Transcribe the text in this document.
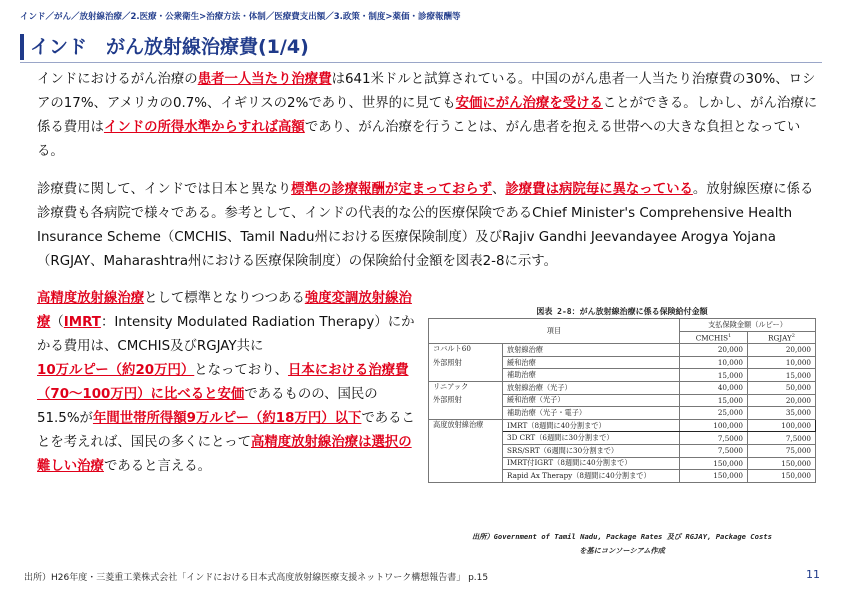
インド／がん／放射線治療／2.医療・公衆衛生>治療方法・体制／医療費支出額／3.政策・制度>薬価・診療報酬等
インド　がん放射線治療費(1/4)

インドにおけるがん治療の患者一人当たり治療費は641米ドルと試算されている。中国のがん患者一人当たり治療費の30%、ロシアの17%、アメリカの0.7%、イギリスの2%であり、世界的に見ても安価にがん治療を受けることができる。しかし、がん治療に係る費用はインドの所得水準からすれば高額であり、がん治療を行うことは、がん患者を抱える世帯への大きな負担となっている。

診療費に関して、インドでは日本と異なり標準の診療報酬が定まっておらず、診療費は病院毎に異なっている。放射線医療に係る診療費も各病院で様々である。参考として、インドの代表的な公的医療保険であるChief Minister's Comprehensive Health Insurance Scheme（CMCHIS、Tamil Nadu州における医療保険制度）及びRajiv Gandhi Jeevandayee Arogya Yojana（RGJAY、Maharashtra州における医療保険制度）の保険給付金額を図表2-8に示す。

高精度放射線治療として標準となりつつある強度変調放射線治療（IMRT：Intensity Modulated Radiation Therapy）にかかる費用は、CMCHIS及びRGJAY共に10万ルピー（約20万円）となっており、日本における治療費（70～100万円）に比べると安価であるものの、国民の51.5%が年間世帯所得額9万ルピー（約18万円）以下であることを考えれば、国民の多くにとって高精度放射線治療は選択の難しい治療であると言える。

図表 2-8：がん放射線治療に係る保険給付金額
項目		支払保険金額（ルピー）	
		CMCHIS$^1$	RGJAY$^2$
コバルト60	放射線治療	20,000	20,000
外部照射	緩和治療	10,000	10,000
	補助治療	15,000	15,000
リニアック	放射線治療（光子）	40,000	50,000
外部照射	緩和治療（光子）	15,000	20,000
	補助治療（光子・電子）	25,000	35,000
高度放射線治療	IMRT（8週間に40分割まで）	100,000	100,000
	3D CRT（6週間に30分割まで）	7,5000	7,5000
	SRS/SRT（6週間に30分割まで）	7,5000	75,000
	IMRT付IGRT（8週間に40分割まで）	150,000	150,000
	Rapid Ax Therapy（8週間に40分割まで）	150,000	150,000
出所）Government of Tamil Nadu, Package Rates 及び RGJAY, Package Costs
を基にコンソーシアム作成
出所）H26年度・三菱重工業株式会社「インドにおける日本式高度放射線医療支援ネットワーク構想報告書」 p.15	11
